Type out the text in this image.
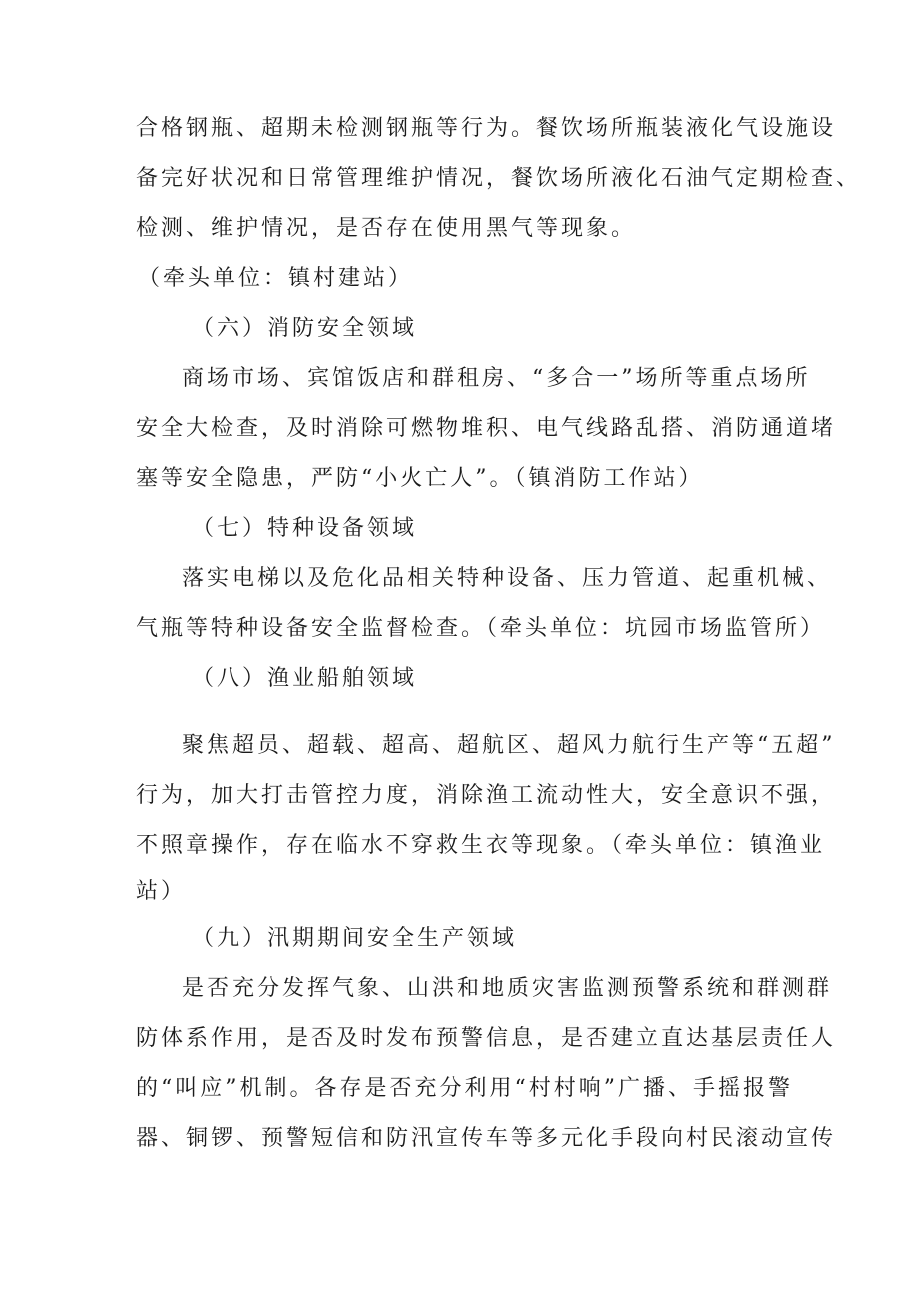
合格钢瓶、超期未检测钢瓶等行为。餐饮场所瓶装液化气设施设
备完好状况和日常管理维护情况，餐饮场所液化石油气定期检查、
检测、维护情况，是否存在使用黑气等现象。
（牵头单位：镇村建站）
（六）消防安全领域
商场市场、宾馆饭店和群租房、“多合一”场所等重点场所
安全大检查，及时消除可燃物堆积、电气线路乱搭、消防通道堵
塞等安全隐患，严防“小火亡人”。（镇消防工作站）
（七）特种设备领域
落实电梯以及危化品相关特种设备、压力管道、起重机械、
气瓶等特种设备安全监督检查。（牵头单位：坑园市场监管所）
（八）渔业船舶领域
聚焦超员、超载、超高、超航区、超风力航行生产等“五超”
行为，加大打击管控力度，消除渔工流动性大，安全意识不强，
不照章操作，存在临水不穿救生衣等现象。（牵头单位：镇渔业
站）
（九）汛期期间安全生产领域
是否充分发挥气象、山洪和地质灾害监测预警系统和群测群
防体系作用，是否及时发布预警信息，是否建立直达基层责任人
的“叫应”机制。各存是否充分利用“村村响”广播、手摇报警
器、铜锣、预警短信和防汛宣传车等多元化手段向村民滚动宣传
